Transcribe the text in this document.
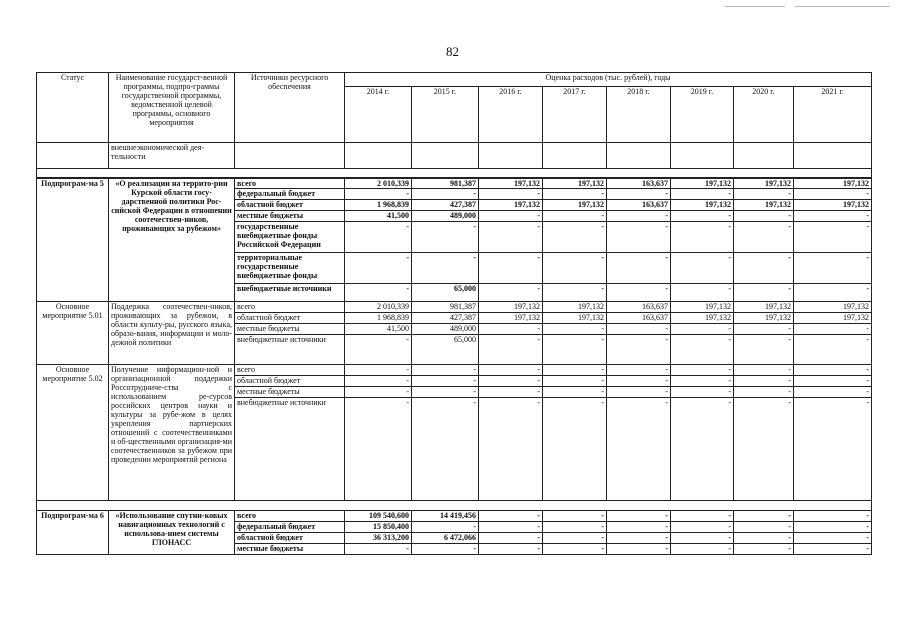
82
Статус	Наименование государст-венной программы, подпро-граммы государственной программы, ведомственной целевой программы, основного мероприятия	Источники ресурсного обеспечения	Оценка расходов (тыс. рублей), годы							
			2014 г.	2015 г.	2016 г.	2017 г.	2018 г.	2019 г.	2020 г.	2021 г.
	внешнеэкономической дея-тельности									

Подпрограм-ма 5	«О реализации на террито-рии Курской области госу-дарственной политики Рос-сийской Федерации в отношении соотечествен-ников, проживающих за рубежом»	всего	2 010,339	981,387	197,132	197,132	163,637	197,132	197,132	197,132
		федеральный бюджет	-	-	-	-	-	-	-	-
		областной бюджет	1 968,839	427,387	197,132	197,132	163,637	197,132	197,132	197,132
		местные бюджеты	41,500	489,000	-	-	-	-	-	-
		государственные внебюджетные фонды Российской Федерации	-	-	-	-	-	-	-	-
		территориальные государственные внебюджетные фонды	-	-	-	-	-	-	-	-
		внебюджетные источники	-	65,000	-	-	-	-	-	-
Основное мероприятие 5.01	Поддержка соотечествен-ников, проживающих за рубежом, в области культу-ры, русского языка, образо-вания, информации и моло-дежной политики	всего	2 010,339	981,387	197,132	197,132	163,637	197,132	197,132	197,132
		областной бюджет	1 968,839	427,387	197,132	197,132	163,637	197,132	197,132	197,132
		местные бюджеты	41,500	489,000	-	-	-	-	-	-
		внебюджетные источники	-	65,000	-	-	-	-	-	-
Основное мероприятие 5.02	Получение информацион-ной и организационной поддержки Россотрудниче-ства с использованием ре-сурсов российских центров науки и культуры за рубе-жом в целях укрепления партнерских отношений с соотечественниками и об-щественными организация-ми соотечественников за рубежом при проведении мероприятий региона	всего	-	-	-	-	-	-	-	-
		областной бюджет	-	-	-	-	-	-	-	-
		местные бюджеты	-	-	-	-	-	-	-	-
		внебюджетные источники	-	-	-	-	-	-	-	-

Подпрограм-ма 6	«Использование спутни-ковых навигационных технологий с использова-нием системы ГЛОНАСС	всего	109 540,600	14 419,456	-	-	-	-	-	-
		федеральный бюджет	15 850,400	-	-	-	-	-	-	-
		областной бюджет	36 313,200	6 472,066	-	-	-	-	-	-
		местные бюджеты	-	-	-	-	-	-	-	-
